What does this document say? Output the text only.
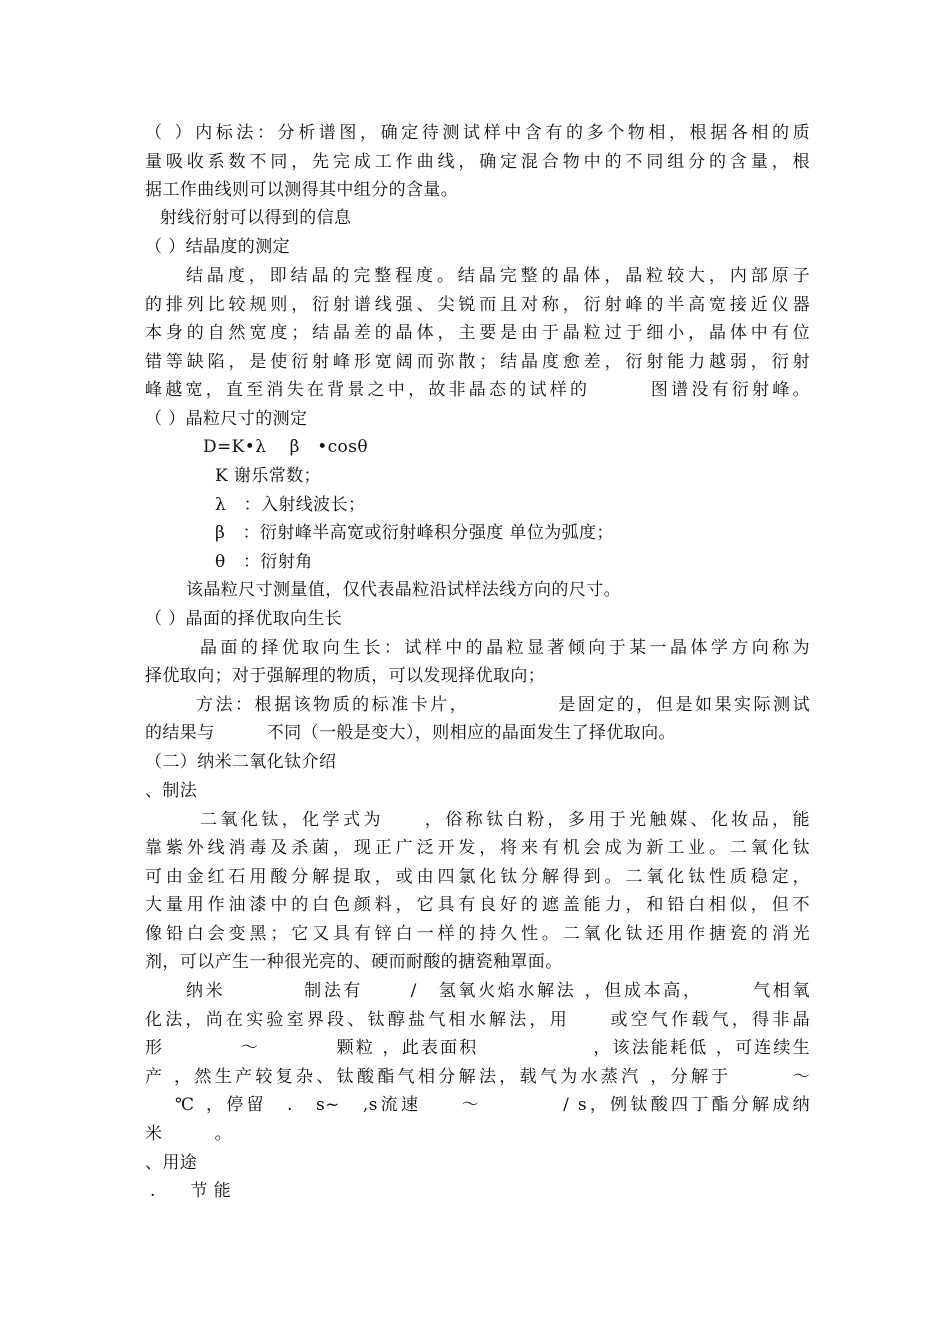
（ ）内标法：分析谱图，确定待测试样中含有的多个物相，根据各相的质
量吸收系数不同，先完成工作曲线，确定混合物中的不同组分的含量，根
据工作曲线则可以测得其中组分的含量。
射线衍射可以得到的信息
（ ）结晶度的测定
结晶度，即结晶的完整程度。结晶完整的晶体，晶粒较大，内部原子
的排列比较规则，衍射谱线强、尖锐而且对称，衍射峰的半高宽接近仪器
本身的自然宽度；结晶差的晶体，主要是由于晶粒过于细小，晶体中有位
错等缺陷，是使衍射峰形宽阔而弥散；结晶度愈差，衍射能力越弱，衍射
峰越宽，直至消失在背景之中，故非晶态的试样的　　　图谱没有衍射峰。
（ ）晶粒尺寸的测定
D=K•λ　 β　•cosθ
K 谢乐常数；
λ　：入射线波长；
β　：衍射峰半高宽或衍射峰积分强度 单位为弧度；
θ　：衍射角
该晶粒尺寸测量值，仅代表晶粒沿试样法线方向的尺寸。
（ ）晶面的择优取向生长
晶面的择优取向生长：试样中的晶粒显著倾向于某一晶体学方向称为
择优取向；对于强解理的物质，可以发现择优取向；
方法：根据该物质的标准卡片，　　　　　是固定的，但是如果实际测试
的结果与　　　不同（一般是变大），则相应的晶面发生了择优取向。
（二）纳米二氧化钛介绍
、制法
二氧化钛，化学式为　　，俗称钛白粉，多用于光触媒、化妆品，能
靠紫外线消毒及杀菌，现正广泛开发，将来有机会成为新工业。二氧化钛
可由金红石用酸分解提取，或由四氯化钛分解得到。二氧化钛性质稳定，
大量用作油漆中的白色颜料，它具有良好的遮盖能力，和铅白相似，但不
像铅白会变黑；它又具有锌白一样的持久性。二氧化钛还用作搪瓷的消光
剂，可以产生一种很光亮的、硬而耐酸的搪瓷釉罩面。
纳米　　　　制法有　　 /　氢氧火焰水解法 ，但成本高，　　　气相氧
化法，尚在实验室界段、钛醇盐气相水解法，用　　或空气作载气，得非晶
形　　　　～　　　　颗粒 ，此表面积　　　　　　，该法能耗低 ，可连续生
产 ，然生产较复杂、钛酸酯气相分解法，载气为水蒸汽 ，分解于　　　～
℃ ，停留　.　s~　,s流速　　～　　　　/ s，例钛酸四丁酯分解成纳
米　　　。
、用途
.　　节 能
